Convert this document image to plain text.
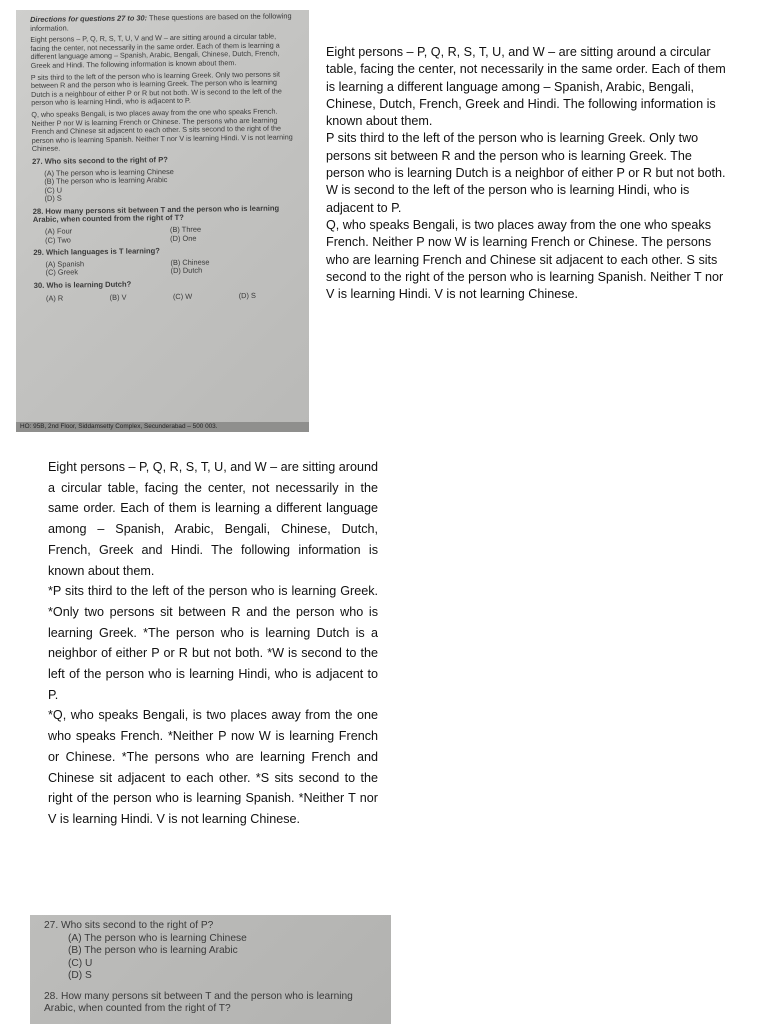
Directions for questions 27 to 30: These questions are based on the following information.

Eight persons – P, Q, R, S, T, U, V and W – are sitting around a circular table, facing the center, not necessarily in the same order. Each of them is learning a different language among – Spanish, Arabic, Bengali, Chinese, Dutch, French, Greek and Hindi. The following information is known about them.

P sits third to the left of the person who is learning Greek. Only two persons sit between R and the person who is learning Greek. The person who is learning Dutch is a neighbour of either P or R but not both. W is second to the left of the person who is learning Hindi, who is adjacent to P.

Q, who speaks Bengali, is two places away from the one who speaks French. Neither P nor W is learning French or Chinese. The persons who are learning French and Chinese sit adjacent to each other. S sits second to the right of the person who is learning Spanish. Neither T nor V is learning Hindi. V is not learning Chinese.

27. Who sits second to the right of P?

(A) The person who is learning Chinese
(B) The person who is learning Arabic
(C) U
(D) S

28. How many persons sit between T and the person who is learning Arabic, when counted from the right of T?

(A) Four	(B) Three
(C) Two	(D) One

29. Which languages is T learning?

(A) Spanish	(B) Chinese
(C) Greek	(D) Dutch

30. Who is learning Dutch?

(A) R	(B) V	(C) W	(D) S
HO: 95B, 2nd Floor, Siddamsetty Complex, Secunderabad – 500 003.

Eight persons – P, Q, R, S, T, U, and W – are sitting around a circular table, facing the center, not necessarily in the same order. Each of them is learning a different language among – Spanish, Arabic, Bengali, Chinese, Dutch, French, Greek and Hindi. The following information is known about them.

P sits third to the left of the person who is learning Greek. Only two persons sit between R and the person who is learning Greek. The person who is learning Dutch is a neighbor of either P or R but not both. W is second to the left of the person who is learning Hindi, who is adjacent to P.

Q, who speaks Bengali, is two places away from the one who speaks French. Neither P now W is learning French or Chinese. The persons who are learning French and Chinese sit adjacent to each other. S sits second to the right of the person who is learning Spanish. Neither T nor V is learning Hindi. V is not learning Chinese.

Eight persons – P, Q, R, S, T, U, and W – are sitting around a circular table, facing the center, not necessarily in the same order. Each of them is learning a different language among – Spanish, Arabic, Bengali, Chinese, Dutch, French, Greek and Hindi. The following information is known about them.

*P sits third to the left of the person who is learning Greek. *Only two persons sit between R and the person who is learning Greek. *The person who is learning Dutch is a neighbor of either P or R but not both. *W is second to the left of the person who is learning Hindi, who is adjacent to P.

*Q, who speaks Bengali, is two places away from the one who speaks French. *Neither P now W is learning French or Chinese. *The persons who are learning French and Chinese sit adjacent to each other. *S sits second to the right of the person who is learning Spanish. *Neither T nor V is learning Hindi. V is not learning Chinese.

27. Who sits second to the right of P?

(A) The person who is learning Chinese
(B) The person who is learning Arabic
(C) U
(D) S

28. How many persons sit between T and the person who is learning Arabic, when counted from the right of T?
